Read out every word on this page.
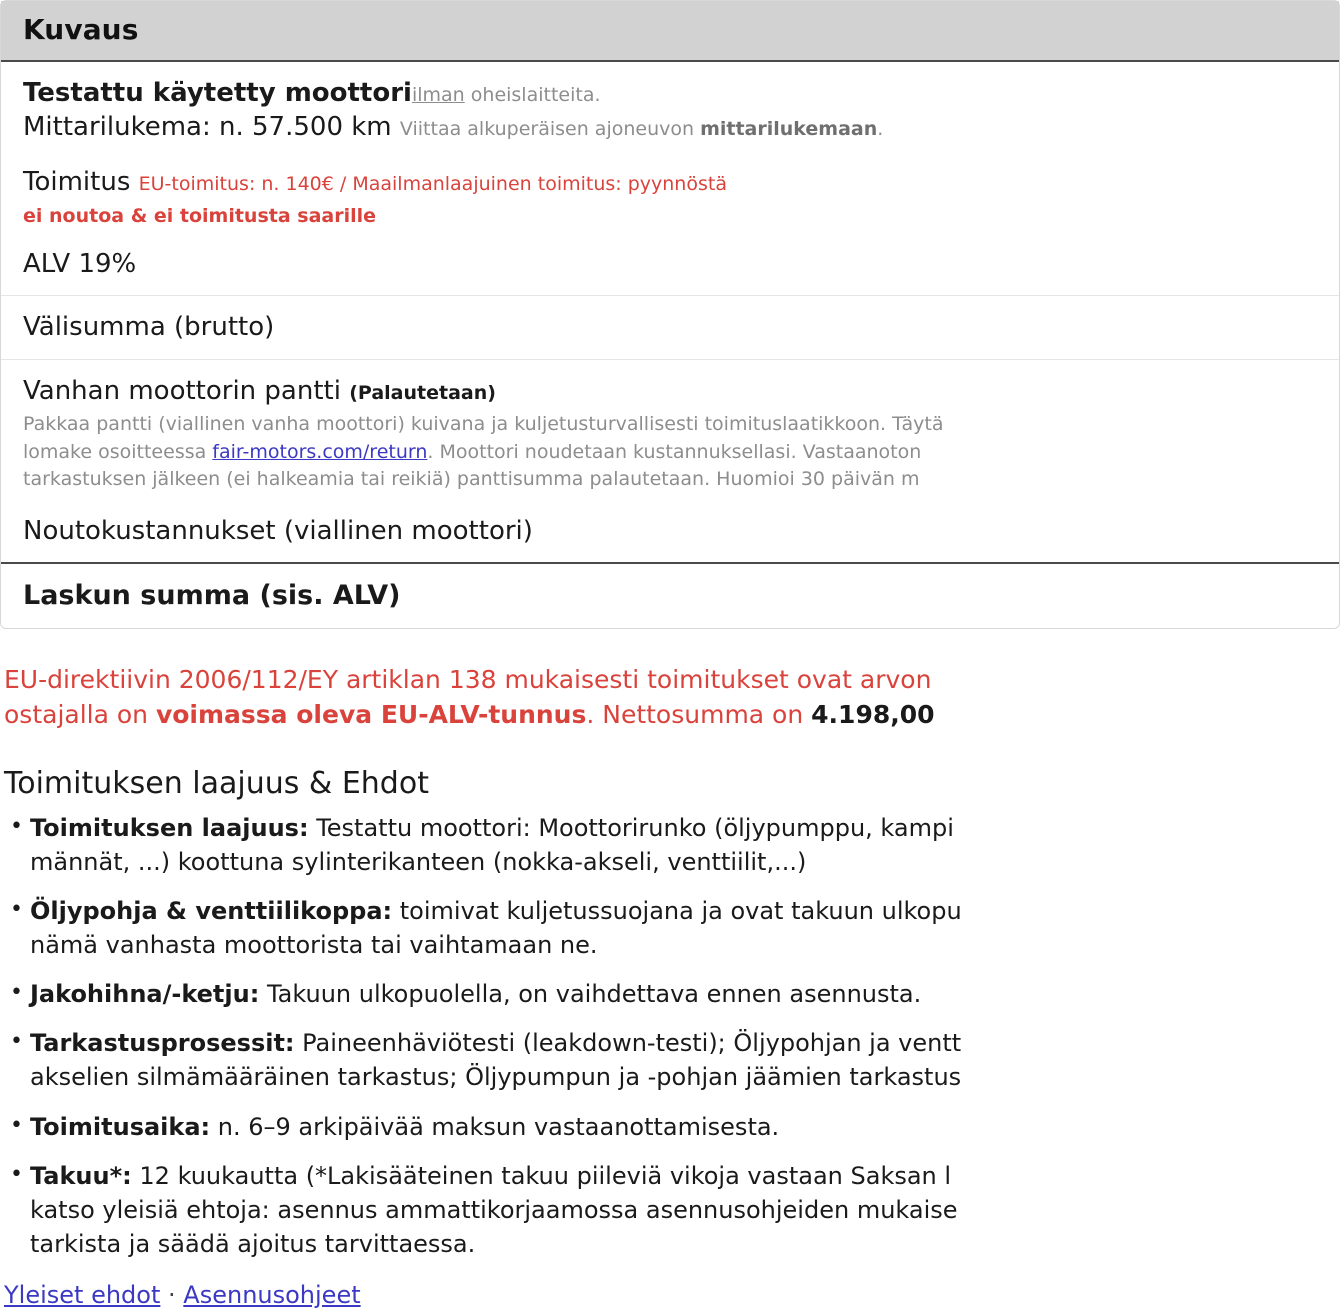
Kuvaus
Testattu käytetty moottoriilman oheislaitteita.
Mittarilukema: n. 57.500 km Viittaa alkuperäisen ajoneuvon mittarilukemaan.
Toimitus EU-toimitus: n. 140€ / Maailmanlaajuinen toimitus: pyynnöstä
ei noutoa & ei toimitusta saarille
ALV 19%
Välisumma (brutto)
Vanhan moottorin pantti (Palautetaan)
Pakkaa pantti (viallinen vanha moottori) kuivana ja kuljetusturvallisesti toimituslaatikkoon. Täytä
lomake osoitteessa fair-motors.com/return. Moottori noudetaan kustannuksellasi. Vastaanoton
tarkastuksen jälkeen (ei halkeamia tai reikiä) panttisumma palautetaan. Huomioi 30 päivän m
Noutokustannukset (viallinen moottori)
Laskun summa (sis. ALV)
EU-direktiivin 2006/112/EY artiklan 138 mukaisesti toimitukset ovat arvon
ostajalla on voimassa oleva EU-ALV-tunnus. Nettosumma on 4.198,00
Toimituksen laajuus & Ehdot
• Toimituksen laajuus: Testattu moottori: Moottorirunko (öljypumppu, kampi
männät, ...) koottuna sylinterikanteen (nokka-akseli, venttiilit,...)
• Öljypohja & venttiilikoppa: toimivat kuljetussuojana ja ovat takuun ulkopu
nämä vanhasta moottorista tai vaihtamaan ne.
• Jakohihna/-ketju: Takuun ulkopuolella, on vaihdettava ennen asennusta.
• Tarkastusprosessit: Paineenhäviötesti (leakdown-testi); Öljypohjan ja ventt
akselien silmämääräinen tarkastus; Öljypumpun ja -pohjan jäämien tarkastus
• Toimitusaika: n. 6–9 arkipäivää maksun vastaanottamisesta.
• Takuu*: 12 kuukautta (*Lakisääteinen takuu piileviä vikoja vastaan Saksan l
katso yleisiä ehtoja: asennus ammattikorjaamossa asennusohjeiden mukaise
tarkista ja säädä ajoitus tarvittaessa.
Yleiset ehdot · Asennusohjeet
